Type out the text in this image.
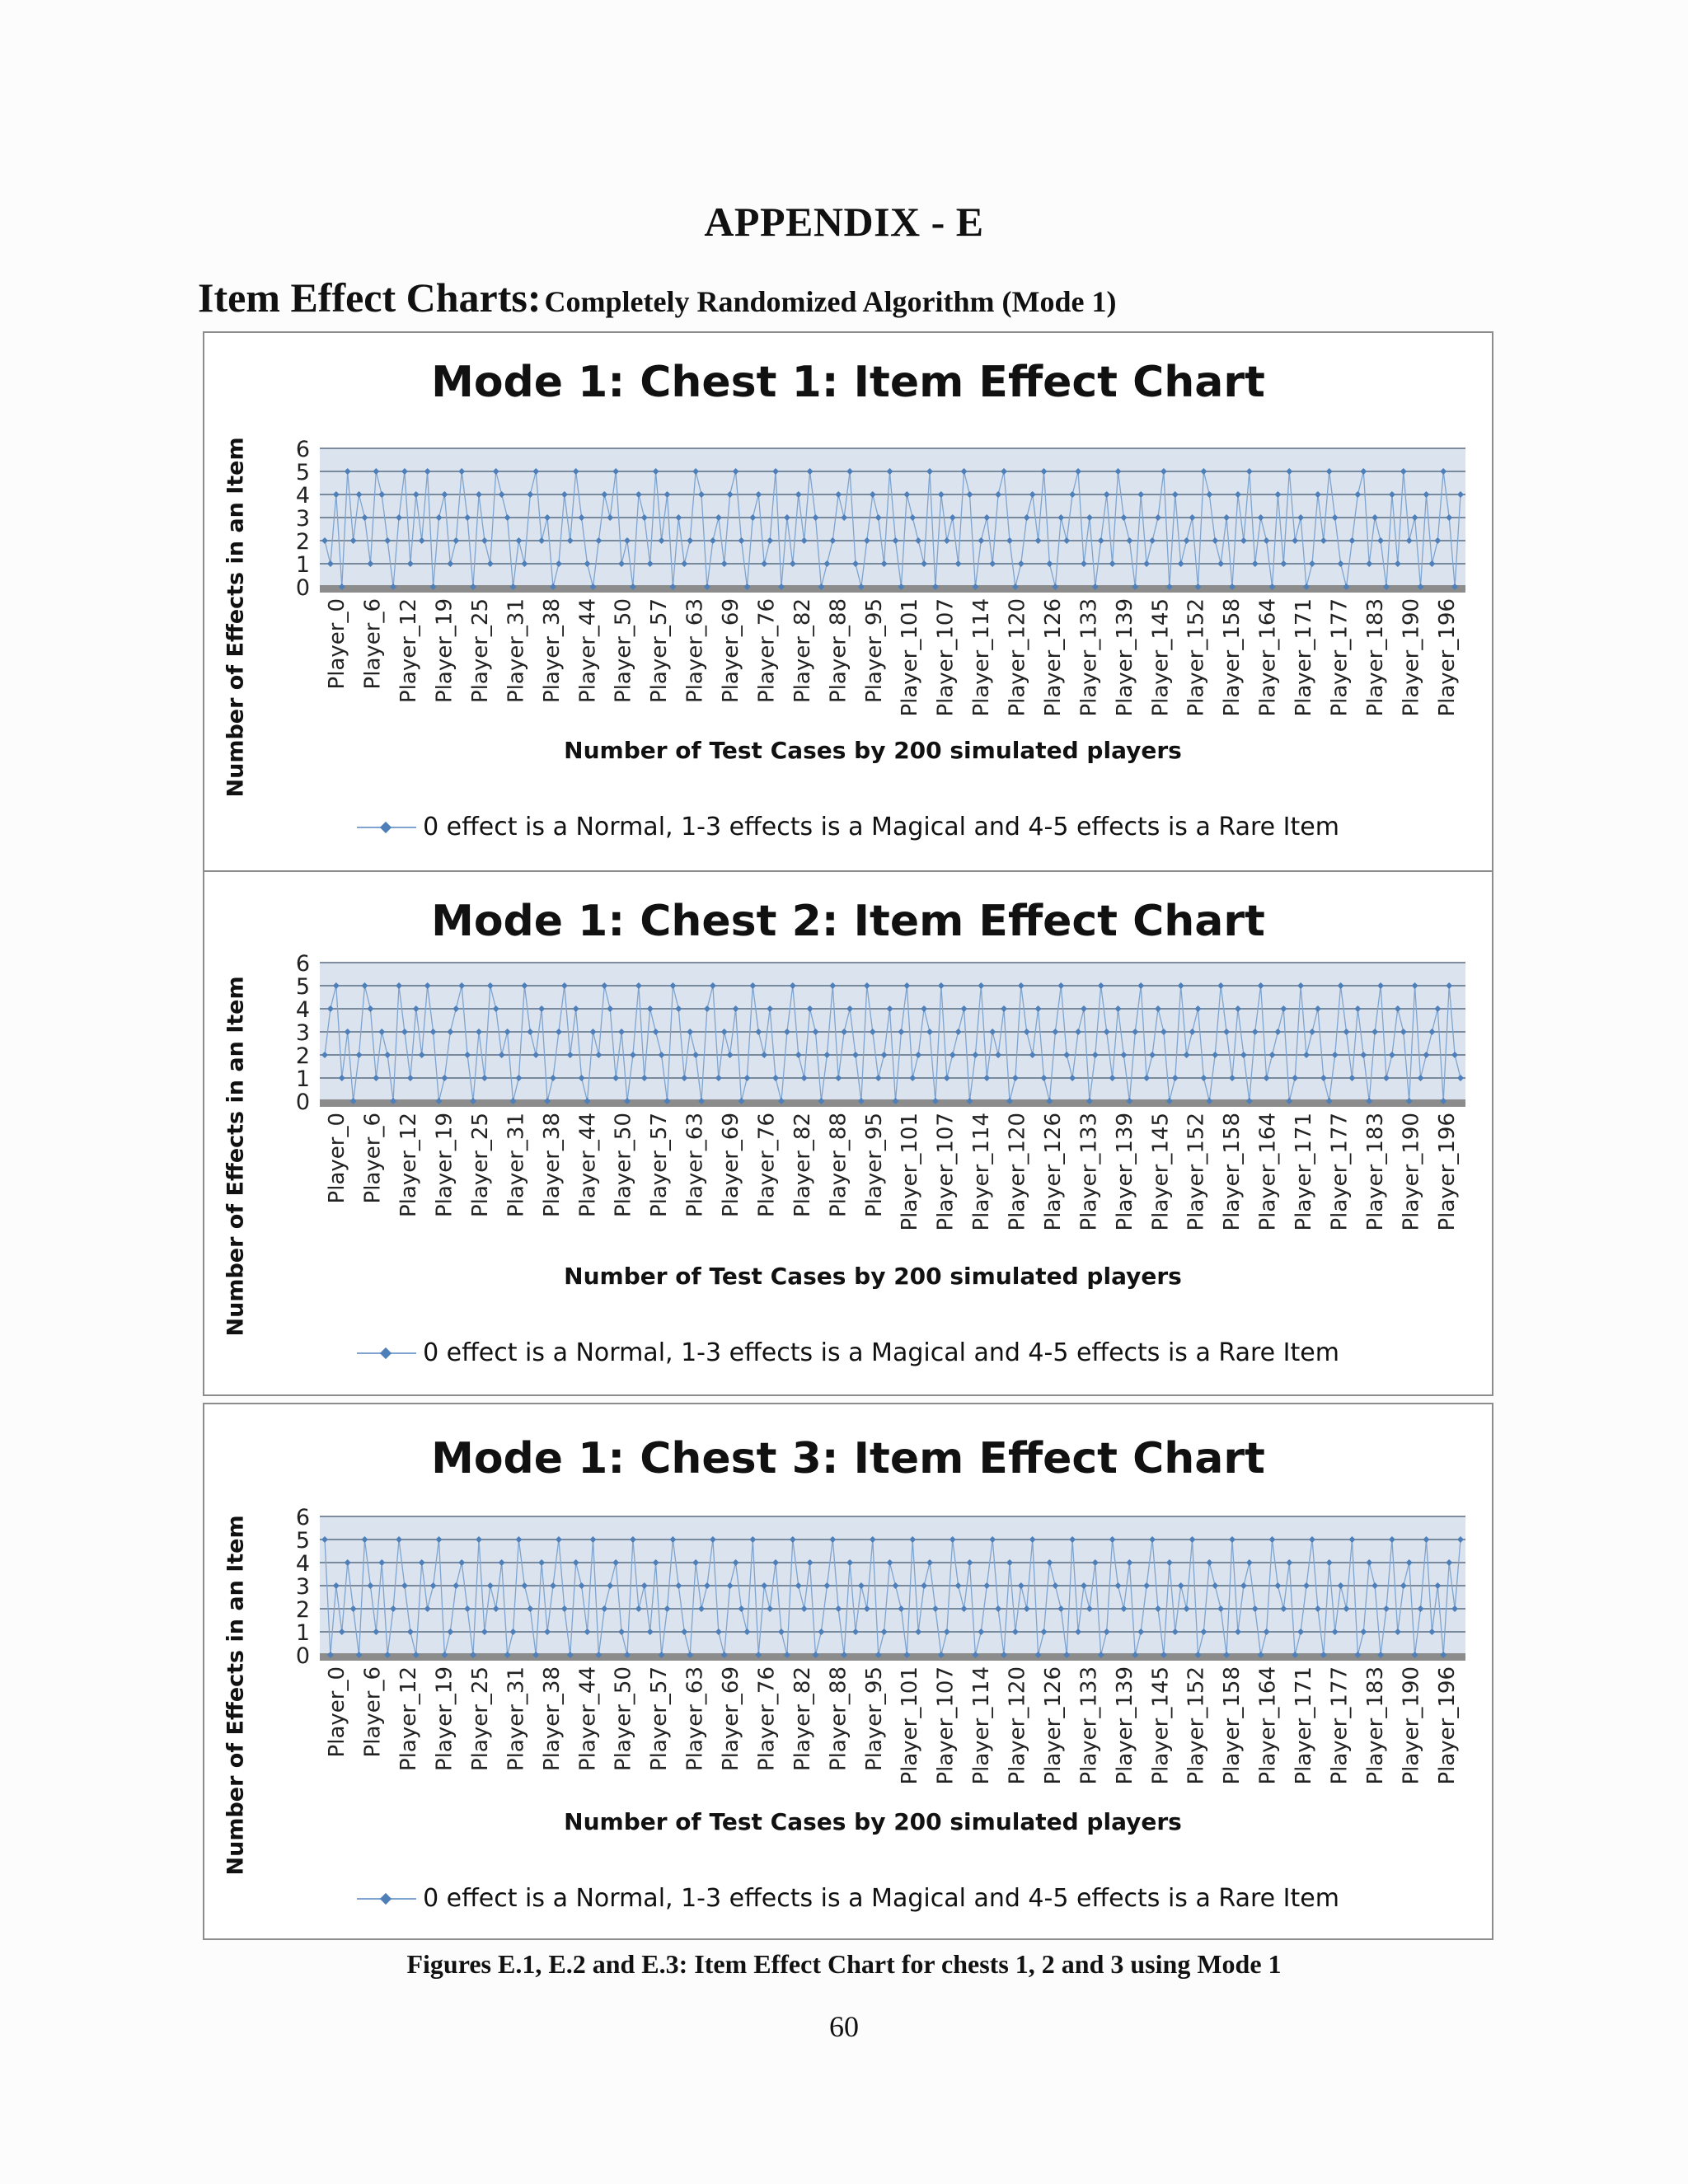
APPENDIX - E
Item Effect Charts: Completely Randomized Algorithm (Mode 1)
0
1
2
3
4
5
6
Player_0 Player_6 Player_12 Player_19 Player_25 Player_31 Player_38 Player_44 Player_50 Player_57 Player_63 Player_69 Player_76 Player_82 Player_88 Player_95 Player_101 Player_107 Player_114 Player_120 Player_126 Player_133 Player_139 Player_145 Player_152 Player_158 Player_164 Player_171 Player_177 Player_183 Player_190 Player_196
Mode 1: Chest 1: Item Effect Chart
Number of Effects in an Item	Number of Test Cases by 200 simulated players
0 effect is a Normal, 1-3 effects is a Magical and 4-5 effects is a Rare Item
0
1
2
3
4
5
6
Player_0 Player_6 Player_12 Player_19 Player_25 Player_31 Player_38 Player_44 Player_50 Player_57 Player_63 Player_69 Player_76 Player_82 Player_88 Player_95 Player_101 Player_107 Player_114 Player_120 Player_126 Player_133 Player_139 Player_145 Player_152 Player_158 Player_164 Player_171 Player_177 Player_183 Player_190 Player_196
Mode 1: Chest 2: Item Effect Chart
Number of Effects in an Item	Number of Test Cases by 200 simulated players
0 effect is a Normal, 1-3 effects is a Magical and 4-5 effects is a Rare Item
0
1
2
3
4
5
6
Player_0 Player_6 Player_12 Player_19 Player_25 Player_31 Player_38 Player_44 Player_50 Player_57 Player_63 Player_69 Player_76 Player_82 Player_88 Player_95 Player_101 Player_107 Player_114 Player_120 Player_126 Player_133 Player_139 Player_145 Player_152 Player_158 Player_164 Player_171 Player_177 Player_183 Player_190 Player_196
Mode 1: Chest 3: Item Effect Chart
Number of Effects in an Item	Number of Test Cases by 200 simulated players
0 effect is a Normal, 1-3 effects is a Magical and 4-5 effects is a Rare Item
Figures E.1, E.2 and E.3: Item Effect Chart for chests 1, 2 and 3 using Mode 1
60
